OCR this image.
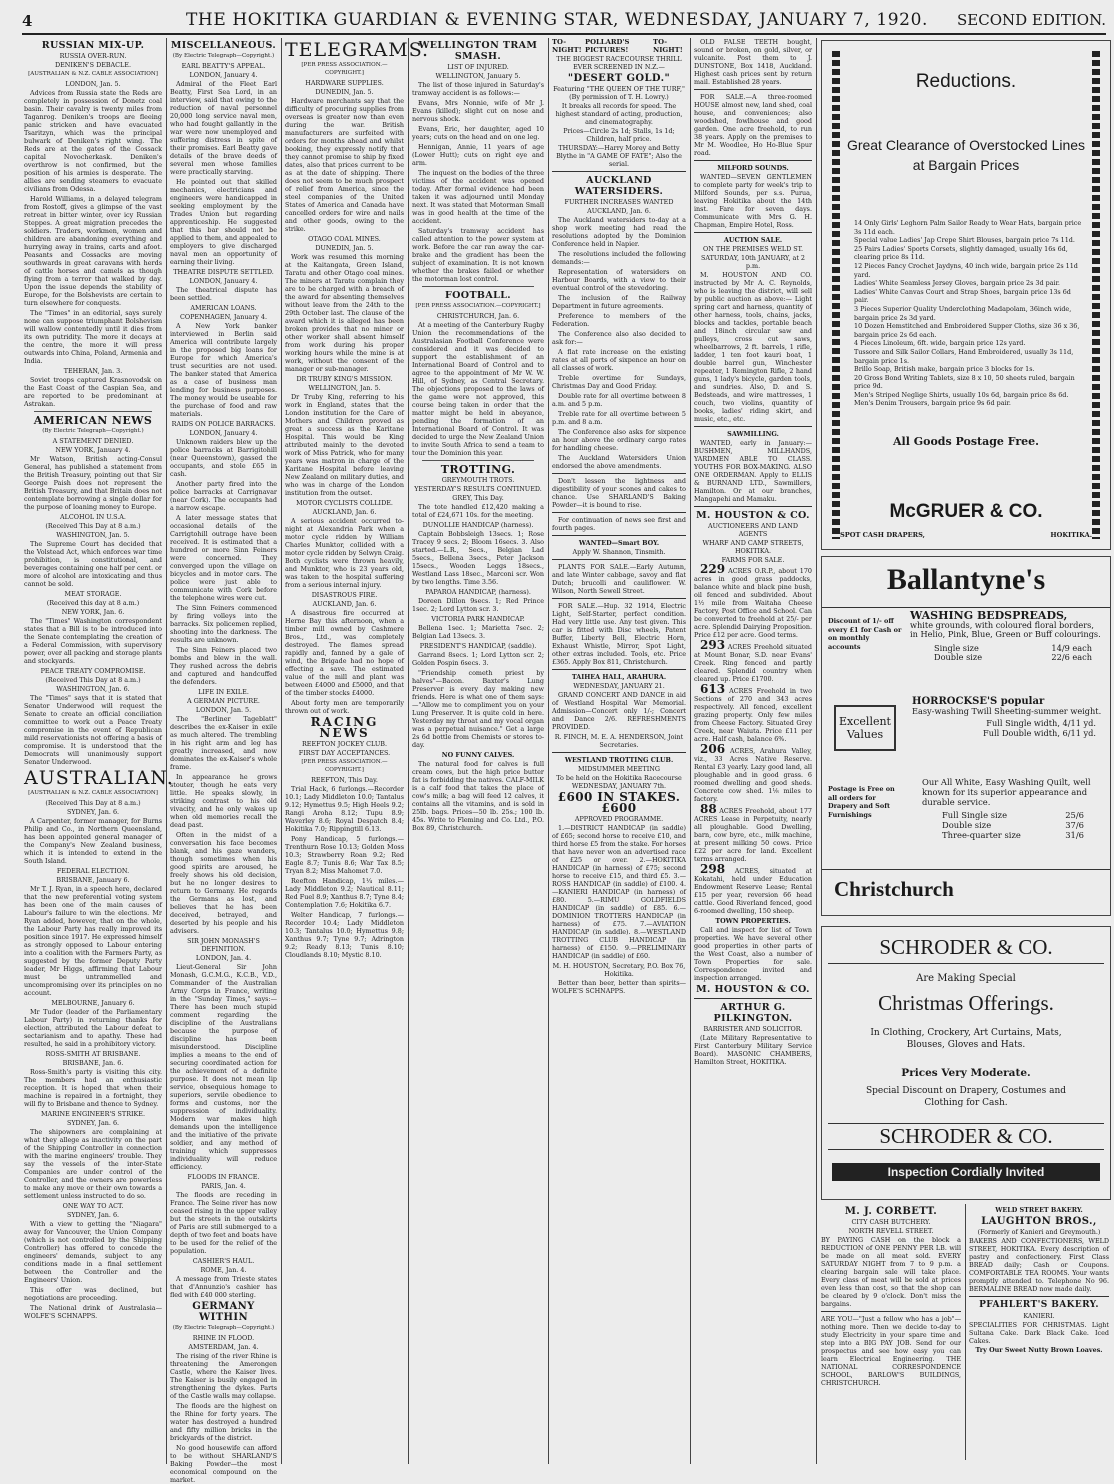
4	THE HOKITIKA GUARDIAN & EVENING STAR, WEDNESDAY, JANUARY 7, 1920.	SECOND EDITION.
RUSSIAN MIX-UP.
RUSSIA OVER-RUN.
DENIKEN'S DEBACLE.
[AUSTRALIAN & N.Z. CABLE ASSOCIATION]
LONDON, Jan. 5.

Advices from Russia state the Reds are completely in possession of Donetz coal basin. Their cavalry is twenty miles from Taganrog. Deniken's troops are fleeing panic stricken and have evacuated Tsaritzyn, which was the principal bulwark of Deniken's right wing. The Reds are at the gates of the Cossack capital Novocherkask. Deniken's overthrow is not confirmed, but the position of his armies is desperate. The allies are sending steamers to evacuate civilians from Odessa.

Harold Williams, in a delayed telegram from Rostoff, gives a glimpse of the vast retreat in bitter winter, over icy Russian Steppes. A great migration precedes the soldiers. Traders, workmen, women and children are abandoning everything and hurrying away in trains, carts and afoot. Peasants and Cossacks are moving southwards in great caravans with herds of cattle horses and camels as though flying from a terror that walked by day. Upon the issue depends the stability of Europe, for the Bolshevists are certain to turn elsewhere for conquests.

The "Times" in an editorial, says surely none can suppose triumphant Bolshevism will wallow contentedly until it dies from its own putridity. The more it decays at the centre, the more it will press outwards into China, Poland, Armenia and India.

TEHERAN, Jan. 3.

Soviet troops captured Krasnovodsk on the East Coast of the Caspian Sea, and are reported to be predominant at Astrakan.

AMERICAN NEWS
(By Electric Telegraph—Copyright.)
A STATEMENT DENIED.
NEW YORK, January 4.

Mr Watson, British acting-Consul General, has published a statement from the British Treasury, pointing out that Sir George Paish does not represent the British Treasury, and that Britain does not contemplate borrowing a single dollar for the purpose of loaning money to Europe.

ALCOHOL IN U.S.A.
(Received This Day at 8 a.m.)
WASHINGTON, Jan. 5.

The Supreme Court has decided that the Volstead Act, which enforces war time prohibition, is constitutional, and beverages containing one half per cent. or more of alcohol are intoxicating and thus cannot be sold.

MEAT STORAGE.
(Received this day at 8 a.m.)
NEW YORK, Jan. 6.

The "Times" Washington correspondent states that a Bill is to be introduced into the Senate contemplating the creation of a Federal Commission, with supervisory power, over all packing and storage plants and stockyards.

PEACE TREATY COMPROMISE.
(Received This Day at 8 a.m.)
WASHINGTON, Jan. 6.

The "Times" says that it is stated that Senator Underwood will request the Senate to create an official conciliation committee to work out a Peace Treaty compromise in the event of Republican mild reservationists not offering a basis of compromise. It is understood that the Democrats will unanimously support Senator Underwood.

AUSTRALIAN.
[AUSTRALIAN & N.Z. CABLE ASSOCIATION]
(Received This Day at 8 a.m.)
SYDNEY, Jan. 6.

A Carpenter, former manager, for Burns Philip and Co., in Northern Queensland, has been appointed general manager of the Company's New Zealand business, which it is intended to extend in the South Island.

FEDERAL ELECTION.
BRISBANE, January 6.

Mr T. J. Ryan, in a speech here, declared that the new preferential voting system has been one of the main causes of Labour's failure to win the elections. Mr Ryan added, however, that on the whole, the Labour Party has really improved its position since 1917. He expressed himself as strongly opposed to Labour entering into a coalition with the Farmers Party, as suggested by the former Deputy Party leader, Mr Higgs, affirming that Labour must be untrammelled and uncompromising over its principles on no account.

MELBOURNE, January 6.

Mr Tudor (leader of the Parliamentary Labour Party) in returning thanks for election, attributed the Labour defeat to sectarianism and to apathy. These had resulted, he said in a prohibitory victory.

ROSS-SMITH AT BRISBANE.
BRISBANE, Jan. 6.

Ross-Smith's party is visiting this city. The members had an enthusiastic reception. It is hoped that when their machine is repaired in a fortnight, they will fly to Brisbane and thence to Sydney.

MARINE ENGINEER'S STRIKE.
SYDNEY, Jan. 6.

The shipowners are complaining at what they allege as inactivity on the part of the Shipping Controller in connection with the marine engineers' trouble. They say the vessels of the inter-State Companies are under control of the Controller, and the owners are powerless to make any move or their own towards a settlement unless instructed to do so.

ONE WAY TO ACT.
SYDNEY, Jan. 6.

With a view to getting the "Niagara" away for Vancouver, the Union Company (which is not controlled by the Shipping Controller) has offered to concede the engineers' demands, subject to any conditions made in a final settlement between the Controller and the Engineers' Union.

This offer was declined, but negotiations are proceeding.

The National drink of Australasia—WOLFE'S SCHNAPPS.

MISCELLANEOUS.
(By Electric Telegraph—Copyright.)
EARL BEATTY'S APPEAL.
LONDON, January 4.

Admiral of the Fleet Earl Beatty, First Sea Lord, in an interview, said that owing to the reduction of naval personnel 20,000 long service naval men, who had fought gallantly in the war were now unemployed and suffering distress in spite of their promises. Earl Beatty gave details of the brave deeds of several men whose families were practically starving.

He pointed out that skilled mechanics, electricians and engineers were handicapped in seeking employment by the Trades Union but regarding apprenticeship. He suggested that this bar should not be applied to them, and appealed to employers to give discharged naval men an opportunity of earning their living.

THEATRE DISPUTE SETTLED.
LONDON, January 4.

The theatrical dispute has been settled.

AMERICAN LOANS.
COPENHAGEN, January 4.

A New York banker interviewed in Berlin said America will contribute largely in the proposed big loans for Europe for which America's trust securities are not used. The banker stated that America as a case of business man lending for business purposes. The money would be useable for the purchase of food and raw materials.

RAIDS ON POLICE BARRACKS.
LONDON, January 4.

Unknown raiders blew up the police barracks at Barrigitohill (near Queenstown), gassed the occupants, and stole £65 in cash.

Another party fired into the police barracks at Carrignavar (near Cork). The occupants had a narrow escape.

A later message states that occasional details of the Carrigtohill outrage have been received. It is estimated that a hundred or more Sinn Feiners were concerned. They converged upon the village on bicycles and in motor cars. The police were just able to communicate with Cork before the telephone wires were cut.

The Sinn Feiners commenced by firing volleys into the barracks. Six policemen replied, shooting into the darkness. The results are unknown.

The Sinn Feiners placed two bombs and blew in the wall. They rushed across the debris and captured and handcuffed the defenders.

LIFE IN EXILE.
A GERMAN PICTURE.
LONDON, Jan. 5.

The "Berliner Tageblatt" describes the ex-Kaiser in exile as much altered. The trembling in his right arm and leg has greatly increased, and now dominates the ex-Kaiser's whole frame.

In appearance he grows stouter, though he eats very little. He speaks slowly, in striking contrast to his old vivacity, and he only wakes up when old memories recall the dead past.

Often in the midst of a conversation his face becomes blank, and his gaze wanders, though sometimes when his good spirits are aroused, he freely shows his old decision, but he no longer desires to return to Germany. He regards the Germans as lost, and believes that he has been deceived, betrayed, and deserted by his people and his advisers.

SIR JOHN MONASH'S DEFINITION.
LONDON, Jan. 4.

Lieut-General Sir John Monash, G.C.M.G., K.C.B., V.D., Commander of the Australian Army Corps in France, writing in the "Sunday Times," says:—There has been much stupid comment regarding the discipline of the Australians because the purpose of discipline has been misunderstood. Discipline implies a means to the end of securing coordinated action for the achievement of a definite purpose. It does not mean lip service, obsequious homage to superiors, servile obedience to forms and customs, nor the suppression of individuality. Modern war makes high demands upon the intelligence and the initiative of the private soldier, and any method of training which suppresses individuality will reduce efficiency.

FLOODS IN FRANCE.
PARIS, Jan. 4.

The floods are receding in France. The Seine river has now ceased rising in the upper valley but the streets in the outskirts of Paris are still submerged to a depth of two feet and boats have to be used for the relief of the population.

CASHIER'S HAUL.
ROME, Jan. 4.

A message from Trieste states that d'Annunzio's cashier has fled with £40 000 sterling.

GERMANY WITHIN
(By Electric Telegraph—Copyright.)
RHINE IN FLOOD.
AMSTERDAM, Jan. 4.

The rising of the river Rhine is threatening the Amerongen Castle, where the Kaiser lives. The Kaiser is busily engaged in strengthening the dykes. Parts of the Castle walls may collapse.

The floods are the highest on the Rhine for forty years. The water has destroyed a hundred and fifty million bricks in the brickyards of the district.

No good housewife can afford to be without SHARLAND'S Baking Powder—the most economical compound on the market.

TELEGRAMS.
[PER PRESS ASSOCIATION.—COPYRIGHT.]
HARDWARE SUPPLIES.
DUNEDIN, Jan. 5.

Hardware merchants say that the difficulty of procuring supplies from overseas is greater now than even during the war. British manufacturers are surfeited with orders for months ahead and whilst booking, they expressly notify that they cannot promise to ship by fixed dates, also that prices current to be as at the date of shipping. There does not seem to be much prospect of relief from America, since the steel companies of the United States of America and Canada have cancelled orders for wire and nails and other goods, owing to the strike.

OTAGO COAL MINES.
DUNEDIN, Jan. 5.

Work was resumed this morning at the Kaitangata, Green Island, Taratu and other Otago coal mines. The miners at Taratu complain they are to be charged with a breach of the award for absenting themselves without leave from the 24th to the 29th October last. The clause of the award which it is alleged has been broken provides that no miner or other worker shall absent himself from work during his proper working hours while the mine is at work, without the consent of the manager or sub-manager.

DR TRUBY KING'S MISSION.
WELLINGTON, Jan. 5.

Dr Truby King, referring to his work in England, states that the London institution for the Care of Mothers and Children proved as great a success as the Karitane Hospital. This would be King attributed mainly to the devoted work of Miss Patrick, who for many years was matron in charge of the Karitane Hospital before leaving New Zealand on military duties, and who was in charge of the London institution from the outset.

MOTOR CYCLISTS COLLIDE.
AUCKLAND, Jan. 6.

A serious accident occurred to-night at Alexandria Park when a motor cycle ridden by William Charles Munktor, collided with a motor cycle ridden by Selwyn Craig. Both cyclists were thrown heavily, and Munktor, who is 23 years old, was taken to the hospital suffering from a serious internal injury.

DISASTROUS FIRE.
AUCKLAND, Jan. 6.

A disastrous fire occurred at Herne Bay this afternoon, when a timber mill owned by Cashmere Bros., Ltd., was completely destroyed. The flames spread rapidly and, fanned by a gale of wind, the Brigade had no hope of effecting a save. The estimated value of the mill and plant was between £4000 and £5000, and that of the timber stocks £4000.

About forty men are temporarily thrown out of work.

RACING NEWS
REEFTON JOCKEY CLUB.
FIRST DAY ACCEPTANCES.
[PER PRESS ASSOCIATION.—COPYRIGHT.]
REEFTON, This Day.

Trial Hack, 6 furlongs.—Recorder 10.1; Lady Middleton 10.0; Tantalus 9.12; Hymettus 9.5; High Heels 9.2; Rangi Aroha 8.12; Tupu 8.9; Waverley 8.6; Royal Despatch 8.4; Hokitika 7.0; Rippingtill 6.13.

Pony Handicap, 5 furlongs.—Trenthurn Rose 10.13; Golden Moss 10.3; Strawberry Roan 9.2; Red Eagle 8.7; Tunis 8.6; War Tax 8.5; Tryan 8.2; Miss Mahomet 7.0.

Reefton Handicap, 1¼ miles.—Lady Middleton 9.2; Nautical 8.11; Red Fuel 8.9; Xanthus 8.7; Tyne 8.4; Contemplation 7.6; Hokitika 6.7.

Welter Handicap, 7 furlongs.—Recorder 10.4; Lady Middleton 10.3; Tantalus 10.0; Hymettus 9.8; Xanthus 9.7; Tyne 9.7; Adrington 9.2; Ready 8.13; Tunis 8.10; Cloudlands 8.10; Mystic 8.10.

WELLINGTON TRAM SMASH.
LIST OF INJURED.
WELLINGTON, January 5.

The list of those injured in Saturday's tramway accident is as follows:—

Evans, Mrs Nonnie, wife of Mr J. Evans (killed); slight cut on nose and nervous shock.

Evans, Eric, her daughter, aged 10 years; cuts on the head and on one leg.

Hennigan, Annie, 11 years of age (Lower Hutt); cuts on right eye and arm.

The inquest on the bodies of the three victims of the accident was opened today. After formal evidence had been taken it was adjourned until Monday next. It was stated that Motorman Small was in good health at the time of the accident.

Saturday's tramway accident has called attention to the power system at work. Before the car ran away the car-brake and the gradient has been the subject of examination. It is not known whether the brakes failed or whether the motorman lost control.

FOOTBALL.
[PER PRESS ASSOCIATION.—COPYRIGHT.]
CHRISTCHURCH, Jan. 6.

At a meeting of the Canterbury Rugby Union the recommendations of the Australasian Football Conference were considered and it was decided to support the establishment of an International Board of Control and to agree to the appointment of Mr W. W. Hill, of Sydney, as Central Secretary. The objections proposed to the laws of the game were not approved, this course being taken in order that the matter might be held in abeyance, pending the formation of an International Board of Control. It was decided to urge the New Zealand Union to invite South Africa to send a team to tour the Dominion this year.

TROTTING.
GREYMOUTH TROTS.
YESTERDAY'S RESULTS CONTINUED.
GREY, This Day.

The tote handled £12,420 making a total of £24,671 10s. for the meeting.

DUNOLLIE HANDICAP (harness).

Captain Bobbsleigh 13secs. 1; Rose Tracey 9 secs. 2; Bloom 16secs. 3. Also started.—L.R., Secs., Belgian Lad 5secs., Bellena 3secs., Peter Jackson 15secs., Wooden Leggs 18secs., Westland Lass 18sec., Marconi scr. Won by two lengths. Time 3.56.

PAPAROA HANDICAP, (harness).

Doreen Dillon 9secs. 1; Red Prince 1sec. 2; Lord Lytton scr. 3.

VICTORIA PARK HANDICAP.

Bellena 1sec. 1; Marietta 7sec. 2; Belgian Lad 13secs. 3.

PRESIDENT'S HANDICAP, (saddle).

Garrand 8secs. 1; Lord Lytton scr. 2; Golden Pospin 6secs. 3.

"Friendship cometh priest by halves"—Bacon. Baxter's Lung Preserver is every day making new friends. Here is what one of them says:—"Allow me to compliment you on your Lung Preserver. It is quite cold in here. Yesterday my throat and my vocal organ was a perpetual nuisance." Get a large 2s 6d bottle from Chemists or stores to-day.

NO FUNNY CALVES.

The natural food for calves is full cream cows, but the high price butter fat is forbidding the natives. CALF-MILK is a calf food that takes the place of cow's milk; a bag will feed 12 calves, it contains all the vitamins, and is sold in 25lb. bags. Prices—50 lb. 25s.; 100 lb. 45s. Write to Fleming and Co. Ltd., P.O. Box 89, Christchurch.

TO-NIGHT!
POLLARD'S PICTURES!
TO-NIGHT!
THE BIGGEST RACECOURSE THRILL EVER SCREENED IN N.Z.—
"DESERT GOLD."
Featuring "THE QUEEN OF THE TURF," (By permission of T. H. Lowry.)
It breaks all records for speed. The highest standard of acting, production, and cinematography.
Prices—Circle 2s 1d; Stalls, 1s 1d; Children, half price.
THURSDAY:—Harry Morey and Betty Blythe in "A GAME OF FATE"; Also the serial.
AUCKLAND WATERSIDERS.
FURTHER INCREASES WANTED
AUCKLAND, Jan. 6.

The Auckland watersiders to-day at a shop work meeting had read the resolutions adopted by the Dominion Conference held in Napier.

The resolutions included the following demands:—

Representation of watersiders on Harbour Boards, with a view to their eventual control of the stevedoring.

The inclusion of the Railway Department in future agreements.

Preference to members of the Federation.

The Conference also also decided to ask for:—

A flat rate increase on the existing rates at all ports of sixpence an hour on all classes of work.

Treble overtime for Sundays, Christmas Day and Good Friday.

Double rate for all overtime between 8 a.m. and 5 p.m.

Treble rate for all overtime between 5 p.m. and 8 a.m.

The Conference also asks for sixpence an hour above the ordinary cargo rates for handling cheese.

The Auckland Watersiders Union endorsed the above amendments.

Don't lessen the lightness and digestibility of your scones and cakes to chance. Use SHARLAND'S Baking Powder—it is bound to rise.

For continuation of news see first and fourth pages.

WANTED—Smart BOY.
Apply W. Shannon, Tinsmith.

PLANTS FOR SALE.—Early Autumn, and late Winter cabbage, savoy and flat Dutch; brucolli and cauliflower. W. Wilson, North Sewell Street.

FOR SALE.—Hup. 32 1914, Electric Light, Self-Starter, perfect condition. Had very little use. Any test given. This car is fitted with Disc wheels, Patent Buffer, Liberty Bell, Electric Horn, Exhaust Whistle, Mirror, Spot Light, other extras included. Tools, etc. Price £365. Apply Box 811, Christchurch.

TAIHEA HALL, ARAHURA.
WEDNESDAY, JANUARY 21.

GRAND CONCERT AND DANCE in aid of Westland Hospital War Memorial. Admission—Concert only 1/-; Concert and Dance 2/6. REFRESHMENTS PROVIDED.

R. FINCH, M. E. A. HENDERSON, Joint Secretaries.
WESTLAND TROTTING CLUB.
MIDSUMMER MEETING
To be held on the Hokitika Racecourse WEDNESDAY, JANUARY 7th.
£600 IN STAKES. £600
APPROVED PROGRAMME.

1.—DISTRICT HANDICAP (in saddle) of £65; second horse to receive £10, and third horse £5 from the stake. For horses that have never won an advertised race of £25 or over. 2.—HOKITIKA HANDICAP (in harness) of £75; second horse to receive £15, and third £5. 3.—ROSS HANDICAP (in saddle) of £100. 4.—KANIERI HANDICAP (in harness) of £80. 5.—RIMU GOLDFIELDS HANDICAP (in saddle) of £85. 6.—DOMINION TROTTERS HANDICAP (in harness) of £75. 7.—AVIATION HANDICAP (in saddle). 8.—WESTLAND TROTTING CLUB HANDICAP (in harness) of £150. 9.—PRELIMINARY HANDICAP (in saddle) of £60.

M. H. HOUSTON, Secretary, P.O. Box 76, Hokitika.

Better than beer, better than spirits—WOLFE'S SCHNAPPS.

OLD FALSE TEETH bought, sound or broken, on gold, silver, or vulcanite. Post them to J. DUNSTONE, Box 1418, Auckland. Highest cash prices sent by return mail. Established 28 years.

FOR SALE.—A three-roomed HOUSE almost new, land shed, coal house, and conveniences; also woodshed, fowlhouse and good garden. One acre freehold, to run 38 years. Apply on the premises to Mr M. Woodlee, Ho Ho-Blue Spur road.

MILFORD SOUNDS.

WANTED—SEVEN GENTLEMEN to complete party for week's trip to Milford Sounds, per s.s. Purua, leaving Hokitika about the 14th inst. Fare for seven days. Communicate with Mrs G. H. Chapman, Empire Hotel, Ross.

AUCTION SALE.
ON THE PREMISES WELD ST.
SATURDAY, 10th JANUARY, at 2 p.m.

M. HOUSTON AND CO. instructed by Mr A. C. Reynolds, who is leaving the district, will sell by public auction as above:— Light spring cart and harness, quantity of other harness, tools, chains, jacks, blocks and tackles, portable beach and 18inch circular saw and pulleys, cross cut saws, wheelbarrows, 2 ft. barrels, 1 rifle, ladder, 1 ten foot kauri boat, 1 double barrel gun, Winchester repeater, 1 Remington Rifle, 2 hand guns, 1 lady's bicycle, garden tools, and sundries. Also, D. and S. Bedsteads, and wire mattresses, 1 couch, two violins, quantity of books, ladies' riding skirt, and music, etc., etc.

SAWMILLING.

WANTED, early in January:— BUSHMEN, MILLHANDS, YARDMEN ABLE TO CLASS. YOUTHS FOR BOX-MAKING. ALSO ONE ORDERMAN. Apply to ELLIS & BURNAND LTD., Sawmillers, Hamilton. Or at our branches, Mangapehi and Mamaku.

M. HOUSTON & CO.
AUCTIONEERS AND LAND AGENTS
WHARF AND CAMP STREETS, HOKITIKA.
FARMS FOR SALE.

229 ACRES O.R.P., about 170 acres in good grass paddocks, balance white and black pine bush, oil fenced and subdivided. About 1½ mile from Waitaha Cheese Factory, Post Office and School. Can be converted to freehold at 25/- per acre. Splendid Dairying Proposition. Price £12 per acre. Good terms.

293 ACRES Freehold situated at Mount Bonar, S.D. near Evans' Creek. Ring fenced and partly cleared. Splendid country when cleared up. Price £1700.

613 ACRES Freehold in two Sections of 270 and 343 acres respectively. All fenced, excellent grazing property. Only few miles from Cheese Factory. Situated Grey Creek, near Waiuta. Price £11 per acre. Half cash, balance 6%.

206 ACRES, Arahura Valley, viz., 33 Acres Native Reserve. Rental £3 yearly. Lazy good land, all ploughable and in good grass. 6 roomed dwelling and good sheds. Concrete cow shed. 1⅛ miles to factory.

88 ACRES Freehold, about 177 ACRES Lease in Perpetuity, nearly all ploughable. Good Dwelling, barn, cow byre, etc., milk machine, at present milking 50 cows. Price £22 per acre for land. Excellent terms arranged.

298 ACRES, situated at Kokatahi, held under Education Endowment Reserve Lease; Rental £15 per year, reversion 66 head cattle. Good Riverland fenced, good 6-roomed dwelling, 150 sheep.

TOWN PROPERTIES.

Call and inspect for list of Town properties. We have several other good properties in other parts of the West Coast, also a number of Town Properties for sale. Correspondence invited and inspection arranged.

M. HOUSTON & CO.
ARTHUR G. PILKINGTON.
BARRISTER AND SOLICITOR.

(Late Military Representative to First Canterbury Military Service Board). MASONIC CHAMBERS, Hamilton Street, HOKITIKA.

Reductions.
Great Clearance of Overstocked Lines at Bargain Prices
14 Only Girls' Leghorn Palm Sailor Ready to Wear Hats, bargain price 3s 11d each.
Special value Ladies' Jap Crepe Shirt Blouses, bargain price 7s 11d.
25 Pairs Ladies' Sports Corsets, slightly damaged, usually 16s 6d, clearing price 8s 11d.
12 Pieces Fancy Crochet Jaydyns, 40 inch wide, bargain price 2s 11d yard.
Ladies' White Seamless Jersey Gloves, bargain price 2s 3d pair.
Ladies' White Canvas Court and Strap Shoes, bargain price 13s 6d pair.
3 Pieces Superior Quality Underclothing Madapolam, 36inch wide, bargain price 2s 3d yard.
10 Dozen Hemstitched and Embroidered Supper Cloths, size 36 x 36, bargain price 2s 6d each.
4 Pieces Linoleum, 6ft. wide, bargain price 12s yard.
Tussore and Silk Sailor Collars, Hand Embroidered, usually 3s 11d, bargain price 1s.
Brillo Soap, British make, bargain price 3 blocks for 1s.
20 Gross Bond Writing Tablets, size 8 x 10, 50 sheets ruled, bargain price 9d.
Men's Striped Neglige Shirts, usually 10s 6d, bargain price 8s 6d.
Men's Denim Trousers, bargain price 9s 6d pair.
All Goods Postage Free.
McGRUER & CO.
SPOT CASH DRAPERS,	HOKITIKA.
Ballantyne's
Discount of 1/- off every £1 for Cash or on monthly accounts
WASHING BEDSPREADS,
white grounds, with coloured floral borders, in Helio, Pink, Blue, Green or Buff colourings.
Single size	14/9 each
Double size	22/6 each
Excellent Values
HORROCKSE'S popular
Easy-washing Twill Sheeting-summer weight.
Full Single width, 4/11 yd.
Full Double width, 6/11 yd.
Postage is Free on all orders for Drapery and Soft Furnishings
Our All White, Easy Washing Quilt, well known for its superior appearance and durable service.
Full Single size	25/6
Double size	37/6
Three-quarter size	31/6
Christchurch
SCHRODER & CO.
Are Making Special
Christmas Offerings.
In Clothing, Crockery, Art Curtains, Mats, Blouses, Gloves and Hats.
Prices Very Moderate.
Special Discount on Drapery, Costumes and Clothing for Cash.
SCHRODER & CO.
Inspection Cordially Invited
M. J. CORBETT.
CITY CASH BUTCHERY.
NORTH REVELL STREET.

BY PAYING CASH on the block a REDUCTION of ONE PENNY PER LB. will be made on all meat sold. EVERY SATURDAY NIGHT from 7 to 9 p.m. a clearing bargain sale will take place. Every class of meat will be sold at prices even less than cost, so that the shop can be cleared by 9 o'clock. Don't miss the bargains.

ARE YOU—"Just a fellow who has a job"—nothing more. Then we decide to-day to study Electricity in your spare time and step into a BIG PAY JOB. Send for our prospectus and see how easy you can learn Electrical Engineering. THE NATIONAL CORRESPONDENCE SCHOOL, BARLOW'S BUILDINGS, CHRISTCHURCH.

WELD STREET BAKERY.
LAUGHTON BROS.,
(Formerly of Kanieri and Greymouth.)

BAKERS AND CONFECTIONERS, WELD STREET, HOKITIKA. Every description of pastry and confectionery. First Class BREAD daily; Cash or Coupons. COMFORTABLE TEA ROOMS. Your wants promptly attended to. Telephone No 96. BERMALINE BREAD now made daily.

PFAHLERT'S BAKERY.
KANIERI.

SPECIALITIES FOR CHRISTMAS. Light Sultana Cake. Dark Black Cake. Iced Cakes.

Try Our Sweet Nutty Brown Loaves.
